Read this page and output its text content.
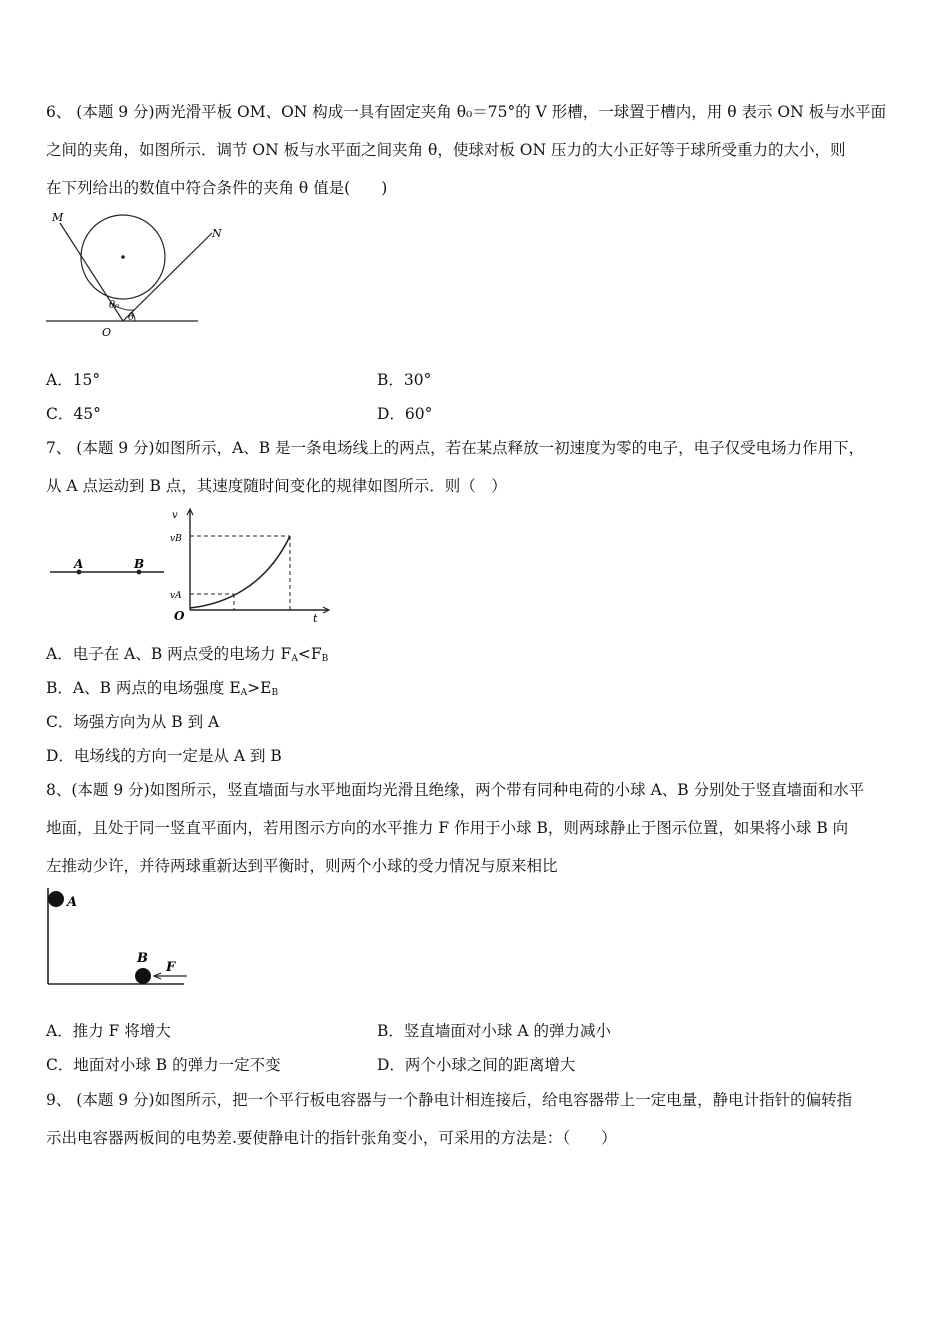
6、 (本题 9 分)两光滑平板 OM、ON 构成一具有固定夹角 θ₀＝75°的 V 形槽，一球置于槽内，用 θ 表示 ON 板与水平面
之间的夹角，如图所示．调节 ON 板与水平面之间夹角 θ，使球对板 ON 压力的大小正好等于球所受重力的大小，则
在下列给出的数值中符合条件的夹角 θ 值是(　　)
M
N
O
θ₀
θ
A．15°	B．30°
C．45°	D．60°
7、 (本题 9 分)如图所示，A、B 是一条电场线上的两点，若在某点释放一初速度为零的电子，电子仅受电场力作用下，
从 A 点运动到 B 点，其速度随时间变化的规律如图所示．则（　）
A	B
v
vB
vA
O	t
A．电子在 A、B 两点受的电场力 $F_A<F_B$
B．A、B 两点的电场强度 $E_A>E_B$
C．场强方向为从 B 到 A
D．电场线的方向一定是从 A 到 B
8、(本题 9 分)如图所示，竖直墙面与水平地面均光滑且绝缘，两个带有同种电荷的小球 A、B 分别处于竖直墙面和水平
地面，且处于同一竖直平面内，若用图示方向的水平推力 F 作用于小球 B，则两球静止于图示位置，如果将小球 B 向
左推动少许，并待两球重新达到平衡时，则两个小球的受力情况与原来相比
A
B
F
A．推力 F 将增大	B．竖直墙面对小球 A 的弹力减小
C．地面对小球 B 的弹力一定不变	D．两个小球之间的距离增大
9、 (本题 9 分)如图所示，把一个平行板电容器与一个静电计相连接后，给电容器带上一定电量，静电计指针的偏转指
示出电容器两板间的电势差.要使静电计的指针张角变小，可采用的方法是：（　　）
